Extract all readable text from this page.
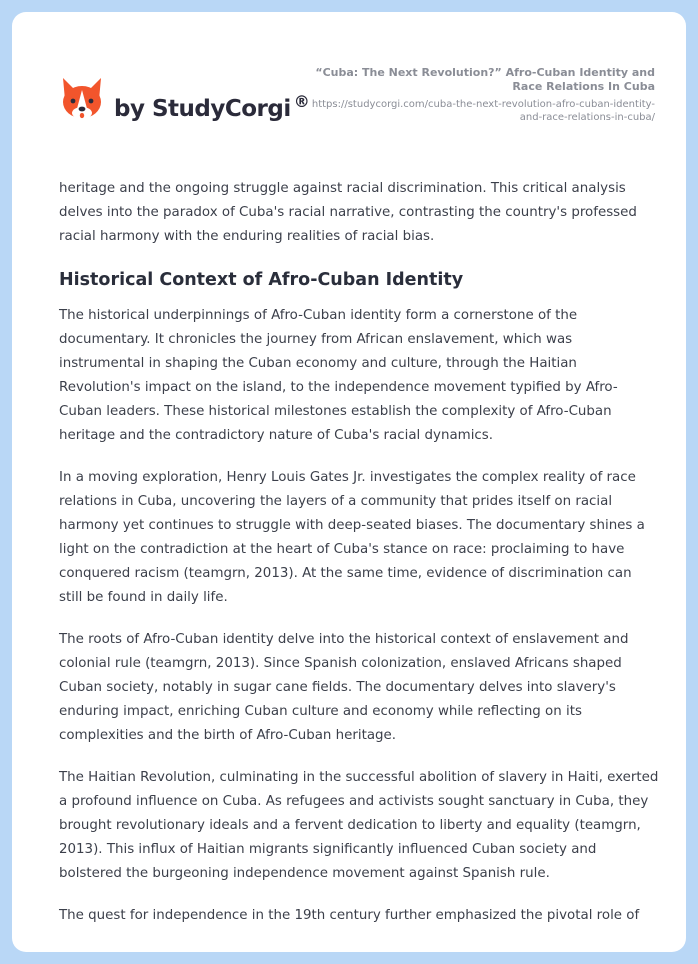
by StudyCorgi ®
“Cuba: The Next Revolution?” Afro-Cuban Identity and Race Relations In Cuba
https://studycorgi.com/cuba-the-next-revolution-afro-cuban-identity-and-race-relations-in-cuba/

heritage and the ongoing struggle against racial discrimination. This critical analysis delves into the paradox of Cuba's racial narrative, contrasting the country's professed racial harmony with the enduring realities of racial bias.

Historical Context of Afro-Cuban Identity

The historical underpinnings of Afro-Cuban identity form a cornerstone of the documentary. It chronicles the journey from African enslavement, which was instrumental in shaping the Cuban economy and culture, through the Haitian Revolution's impact on the island, to the independence movement typified by Afro-Cuban leaders. These historical milestones establish the complexity of Afro-Cuban heritage and the contradictory nature of Cuba's racial dynamics.

In a moving exploration, Henry Louis Gates Jr. investigates the complex reality of race relations in Cuba, uncovering the layers of a community that prides itself on racial harmony yet continues to struggle with deep-seated biases. The documentary shines a light on the contradiction at the heart of Cuba's stance on race: proclaiming to have conquered racism (teamgrn, 2013). At the same time, evidence of discrimination can still be found in daily life.

The roots of Afro-Cuban identity delve into the historical context of enslavement and colonial rule (teamgrn, 2013). Since Spanish colonization, enslaved Africans shaped Cuban society, notably in sugar cane fields. The documentary delves into slavery's enduring impact, enriching Cuban culture and economy while reflecting on its complexities and the birth of Afro-Cuban heritage.

The Haitian Revolution, culminating in the successful abolition of slavery in Haiti, exerted a profound influence on Cuba. As refugees and activists sought sanctuary in Cuba, they brought revolutionary ideals and a fervent dedication to liberty and equality (teamgrn, 2013). This influx of Haitian migrants significantly influenced Cuban society and bolstered the burgeoning independence movement against Spanish rule.

The quest for independence in the 19th century further emphasized the pivotal role of
